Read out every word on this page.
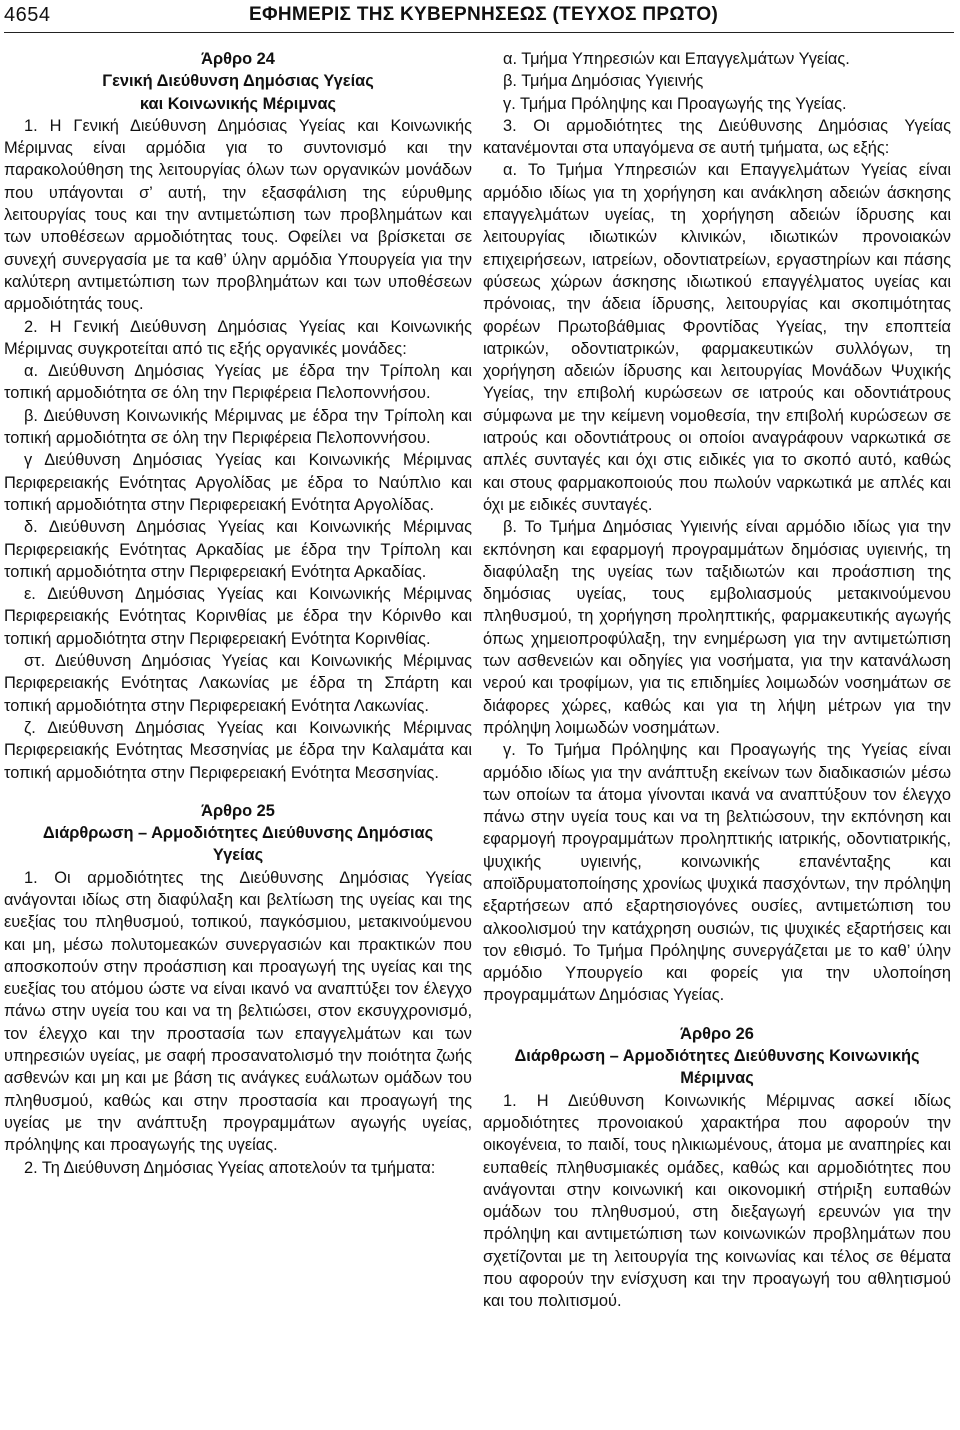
4654	ΕΦΗΜΕΡΙΣ ΤΗΣ ΚΥΒΕΡΝΗΣΕΩΣ (ΤΕΥΧΟΣ ΠΡΩΤΟ)
Άρθρο 24
Γενική Διεύθυνση Δημόσιας Υγείας
και Κοινωνικής Μέριμνας

1. Η Γενική Διεύθυνση Δημόσιας Υγείας και Κοινωνικής Μέριμνας είναι αρμόδια για το συντονισμό και την παρακολούθηση της λειτουργίας όλων των οργανικών μονάδων που υπάγονται σ’ αυτή, την εξασφάλιση της εύρυθμης λειτουργίας τους και την αντιμετώπιση των προβλημάτων και των υποθέσεων αρμοδιότητας τους. Οφείλει να βρίσκεται σε συνεχή συνεργασία με τα καθ’ ύλην αρμόδια Υπουργεία για την καλύτερη αντιμετώπιση των προβλημάτων και των υποθέσεων αρμοδιότητάς τους.

2. Η Γενική Διεύθυνση Δημόσιας Υγείας και Κοινωνικής Μέριμνας συγκροτείται από τις εξής οργανικές μονάδες:

α. Διεύθυνση Δημόσιας Υγείας με έδρα την Τρίπολη και τοπική αρμοδιότητα σε όλη την Περιφέρεια Πελοποννήσου.

β. Διεύθυνση Κοινωνικής Μέριμνας με έδρα την Τρίπολη και τοπική αρμοδιότητα σε όλη την Περιφέρεια Πελοποννήσου.

γ Διεύθυνση Δημόσιας Υγείας και Κοινωνικής Μέριμνας Περιφερειακής Ενότητας Αργολίδας με έδρα το Ναύπλιο και τοπική αρμοδιότητα στην Περιφερειακή Ενότητα Αργολίδας.

δ. Διεύθυνση Δημόσιας Υγείας και Κοινωνικής Μέριμνας Περιφερειακής Ενότητας Αρκαδίας με έδρα την Τρίπολη και τοπική αρμοδιότητα στην Περιφερειακή Ενότητα Αρκαδίας.

ε. Διεύθυνση Δημόσιας Υγείας και Κοινωνικής Μέριμνας Περιφερειακής Ενότητας Κορινθίας με έδρα την Κόρινθο και τοπική αρμοδιότητα στην Περιφερειακή Ενότητα Κορινθίας.

στ. Διεύθυνση Δημόσιας Υγείας και Κοινωνικής Μέριμνας Περιφερειακής Ενότητας Λακωνίας με έδρα τη Σπάρτη και τοπική αρμοδιότητα στην Περιφερειακή Ενότητα Λακωνίας.

ζ. Διεύθυνση Δημόσιας Υγείας και Κοινωνικής Μέριμνας Περιφερειακής Ενότητας Μεσσηνίας με έδρα την Καλαμάτα και τοπική αρμοδιότητα στην Περιφερειακή Ενότητα Μεσσηνίας.

Άρθρο 25
Διάρθρωση – Αρμοδιότητες Διεύθυνσης Δημόσιας
Υγείας

1. Οι αρμοδιότητες της Διεύθυνσης Δημόσιας Υγείας ανάγονται ιδίως στη διαφύλαξη και βελτίωση της υγείας και της ευεξίας του πληθυσμού, τοπικού, παγκόσμιου, μετακινούμενου και μη, μέσω πολυτομεακών συνεργασιών και πρακτικών που αποσκοπούν στην προάσπιση και προαγωγή της υγείας και της ευεξίας του ατόμου ώστε να είναι ικανό να αναπτύξει τον έλεγχο πάνω στην υγεία του και να τη βελτιώσει, στον εκσυγχρονισμό, τον έλεγχο και την προστασία των επαγγελμάτων και των υπηρεσιών υγείας, με σαφή προσανατολισμό την ποιότητα ζωής ασθενών και μη και με βάση τις ανάγκες ευάλωτων ομάδων του πληθυσμού, καθώς και στην προστασία και προαγωγή της υγείας με την ανάπτυξη προγραμμάτων αγωγής υγείας, πρόληψης και προαγωγής της υγείας.

2. Τη Διεύθυνση Δημόσιας Υγείας αποτελούν τα τμήματα:

α. Τμήμα Υπηρεσιών και Επαγγελμάτων Υγείας.

β. Τμήμα Δημόσιας Υγιεινής

γ. Τμήμα Πρόληψης και Προαγωγής της Υγείας.

3. Οι αρμοδιότητες της Διεύθυνσης Δημόσιας Υγείας κατανέμονται στα υπαγόμενα σε αυτή τμήματα, ως εξής:

α. Το Τμήμα Υπηρεσιών και Επαγγελμάτων Υγείας είναι αρμόδιο ιδίως για τη χορήγηση και ανάκληση αδειών άσκησης επαγγελμάτων υγείας, τη χορήγηση αδειών ίδρυσης και λειτουργίας ιδιωτικών κλινικών, ιδιωτικών προνοιακών επιχειρήσεων, ιατρείων, οδοντιατρείων, εργαστηρίων και πάσης φύσεως χώρων άσκησης ιδιωτικού επαγγέλματος υγείας και πρόνοιας, την άδεια ίδρυσης, λειτουργίας και σκοπιμότητας φορέων Πρωτοβάθμιας Φροντίδας Υγείας, την εποπτεία ιατρικών, οδοντιατρικών, φαρμακευτικών συλλόγων, τη χορήγηση αδειών ίδρυσης και λειτουργίας Μονάδων Ψυχικής Υγείας, την επιβολή κυρώσεων σε ιατρούς και οδοντιάτρους σύμφωνα με την κείμενη νομοθεσία, την επιβολή κυρώσεων σε ιατρούς και οδοντιάτρους οι οποίοι αναγράφουν ναρκωτικά σε απλές συνταγές και όχι στις ειδικές για το σκοπό αυτό, καθώς και στους φαρμακοποιούς που πωλούν ναρκωτικά με απλές και όχι με ειδικές συνταγές.

β. Το Τμήμα Δημόσιας Υγιεινής είναι αρμόδιο ιδίως για την εκπόνηση και εφαρμογή προγραμμάτων δημόσιας υγιεινής, τη διαφύλαξη της υγείας των ταξιδιωτών και προάσπιση της δημόσιας υγείας, τους εμβολιασμούς μετακινούμενου πληθυσμού, τη χορήγηση προληπτικής, φαρμακευτικής αγωγής όπως χημειοπροφύλαξη, την ενημέρωση για την αντιμετώπιση των ασθενειών και οδηγίες για νοσήματα, για την κατανάλωση νερού και τροφίμων, για τις επιδημίες λοιμωδών νοσημάτων σε διάφορες χώρες, καθώς και για τη λήψη μέτρων για την πρόληψη λοιμωδών νοσημάτων.

γ. Το Τμήμα Πρόληψης και Προαγωγής της Υγείας είναι αρμόδιο ιδίως για την ανάπτυξη εκείνων των διαδικασιών μέσω των οποίων τα άτομα γίνονται ικανά να αναπτύξουν τον έλεγχο πάνω στην υγεία τους και να τη βελτιώσουν, την εκπόνηση και εφαρμογή προγραμμάτων προληπτικής ιατρικής, οδοντιατρικής, ψυχικής υγιεινής, κοινωνικής επανένταξης και αποϊδρυματοποίησης χρονίως ψυχικά πασχόντων, την πρόληψη εξαρτήσεων από εξαρτησιογόνες ουσίες, αντιμετώπιση του αλκοολισμού την κατάχρηση ουσιών, τις ψυχικές εξαρτήσεις και τον εθισμό. Το Τμήμα Πρόληψης συνεργάζεται με το καθ’ ύλην αρμόδιο Υπουργείο και φορείς για την υλοποίηση προγραμμάτων Δημόσιας Υγείας.

Άρθρο 26
Διάρθρωση – Αρμοδιότητες Διεύθυνσης Κοινωνικής
Μέριμνας

1. Η Διεύθυνση Κοινωνικής Μέριμνας ασκεί ιδίως αρμοδιότητες προνοιακού χαρακτήρα που αφορούν την οικογένεια, το παιδί, τους ηλικιωμένους, άτομα με αναπηρίες και ευπαθείς πληθυσμιακές ομάδες, καθώς και αρμοδιότητες που ανάγονται στην κοινωνική και οικονομική στήριξη ευπαθών ομάδων του πληθυσμού, στη διεξαγωγή ερευνών για την πρόληψη και αντιμετώπιση των κοινωνικών προβλημάτων που σχετίζονται με τη λειτουργία της κοινωνίας και τέλος σε θέματα που αφορούν την ενίσχυση και την προαγωγή του αθλητισμού και του πολιτισμού.
